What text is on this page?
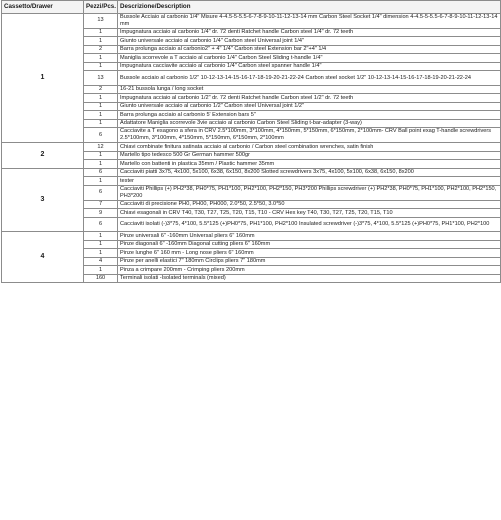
Cassetto/Drawer	Pezzi/Pcs.	Descrizione/Description
1	13	Bussole Acciaio al carbonio 1/4" Misure 4-4.5-5-5.5-6-7-8-9-10-11-12-13-14 mm Carbon Steel Socket 1/4" dimension 4-4.5-5-5.5-6-7-8-9-10-11-12-13-14 mm
	1	Impugnatura acciaio al carbonio 1/4" dr. 72 denti Ratchet handle Carbon steel 1/4" dr. 72 teeth
	1	Giunto universale acciaio al carbonio 1/4" Carbon steel Universal joint 1/4"
	2	Barra prolunga acciaio al carbonio2" + 4" 1/4" Carbon steel Extension bar 2"+4" 1/4
	1	Maniglia scorrevole a T acciaio al carbonio 1/4" Carbon Steel Sliding t-handle 1/4"
	1	Impugnatura cacciavite acciaio al carbonio 1/4" Carbon steel spanner handle 1/4"
	13	Bussole acciaio al carbonio 1/2" 10-12-13-14-15-16-17-18-19-20-21-22-24 Carbon steel socket 1/2" 10-12-13-14-15-16-17-18-19-20-21-22-24
	2	16-21 bussola lunga / long socket
	1	Impugnatura acciaio al carbonio 1/2" dr. 72 denti Ratchet handle Carbon steel 1/2" dr. 72 teeth
	1	Giunto universale acciaio al carbonio 1/2" Carbon steel Universal joint 1/2"
	1	Barra prolunga acciaio al carbonio 5' Extension bars 5"
	1	Adattatore Maniglia scorrevole 3vie acciaio al carbonio Carbon Steel Sliding t-bar-adapter (3-way)
	6	Cacciavite a T esagono a sfera in CRV 2.5*100mm, 3*100mm, 4*150mm, 5*150mm, 6*150mm, 2*100mm- CRV Ball point exag T-handle screwdrivers 2.5*100mm, 3*100mm, 4*150mm, 5*150mm, 6*150mm, 2*100mm
2	12	Chiavi combinate finitura satinata acciaio al carbonio / Carbon steel combination wrenches, satin finish
	1	Martello tipo tedesco 500 Gr German hammer 500gr
	1	Martello con battenti in plastica 35mm / Plastic hammer 35mm
3	6	Cacciaviti piatti 3x75, 4x100, 5x100, 6x38, 6x150, 8x200 Slotted screwdrivers 3x75, 4x100, 5x100, 6x38, 6x150, 8x200
	1	tester
	6	Cacciaviti Phillips (+) PH2*38, PH0*75, PH1*100, PH2*100, PH2*150, PH3*200 Phillips screwdriver (+) PH2*38, PH0*75, PH1*100, PH2*100, PH2*150, PH3*200
	7	Cacciaviti di precisione PH0, PH00, PH000, 2.0*50, 2.5*50, 3.0*50
	9	Chiavi esagonali in CRV T40, T30, T27, T25, T20, T15, T10 - CRV Hex key T40, T30, T27, T25, T20, T15, T10
	6	Cacciaviti isolati (-)3*75, 4*100, 5.5*125 (+)PH0*75, PH1*100, PH2*100 Insulated screwdriver (-)3*75, 4*100, 5.5*125 (+)PH0*75, PH1*100, PH2*100
4	1	Pinze universali 6" -160mm Universal pliers 6" 160mm
	1	Pinze diagonali 6" -160mm Diagonal cutting pliers 6" 160mm
	1	Pinze lunghe 6" 160 mm - Long nose pliers 6" 160mm
	4	Pinze per anelli elastici 7" 180mm Circlips pliers 7" 180mm
	1	Pinza a crimpare 200mm - Crimping pliers 200mm
	160	Terminali isolati -Isolated terminals (mixed)
